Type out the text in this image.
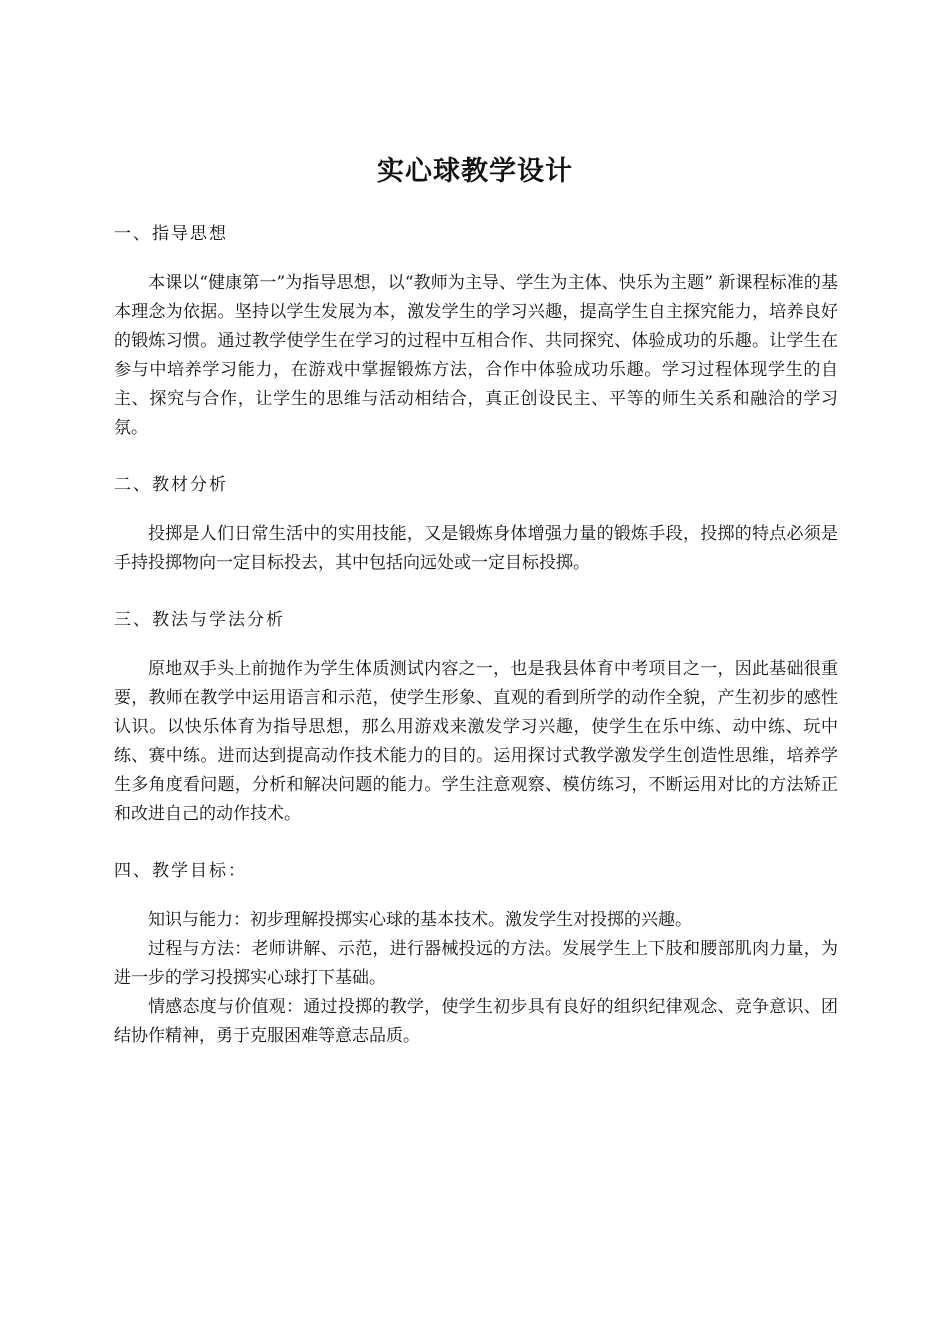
实心球教学设计

一、指导思想

本课以“健康第一”为指导思想，以“教师为主导、学生为主体、快乐为主题” 新课程标准的基本理念为依据。坚持以学生发展为本，激发学生的学习兴趣，提高学生自主探究能力，培养良好的锻炼习惯。通过教学使学生在学习的过程中互相合作、共同探究、体验成功的乐趣。让学生在参与中培养学习能力，在游戏中掌握锻炼方法，合作中体验成功乐趣。学习过程体现学生的自主、探究与合作，让学生的思维与活动相结合，真正创设民主、平等的师生关系和融洽的学习氛。

二、教材分析

投掷是人们日常生活中的实用技能，又是锻炼身体增强力量的锻炼手段，投掷的特点必须是手持投掷物向一定目标投去，其中包括向远处或一定目标投掷。

三、教法与学法分析

原地双手头上前抛作为学生体质测试内容之一，也是我县体育中考项目之一，因此基础很重要，教师在教学中运用语言和示范，使学生形象、直观的看到所学的动作全貌，产生初步的感性认识。以快乐体育为指导思想，那么用游戏来激发学习兴趣，使学生在乐中练、动中练、玩中练、赛中练。进而达到提高动作技术能力的目的。运用探讨式教学激发学生创造性思维，培养学生多角度看问题，分析和解决问题的能力。学生注意观察、模仿练习，不断运用对比的方法矫正和改进自己的动作技术。

四、教学目标：

知识与能力：初步理解投掷实心球的基本技术。激发学生对投掷的兴趣。

过程与方法：老师讲解、示范，进行器械投远的方法。发展学生上下肢和腰部肌肉力量，为进一步的学习投掷实心球打下基础。

情感态度与价值观：通过投掷的教学，使学生初步具有良好的组织纪律观念、竞争意识、团结协作精神，勇于克服困难等意志品质。
